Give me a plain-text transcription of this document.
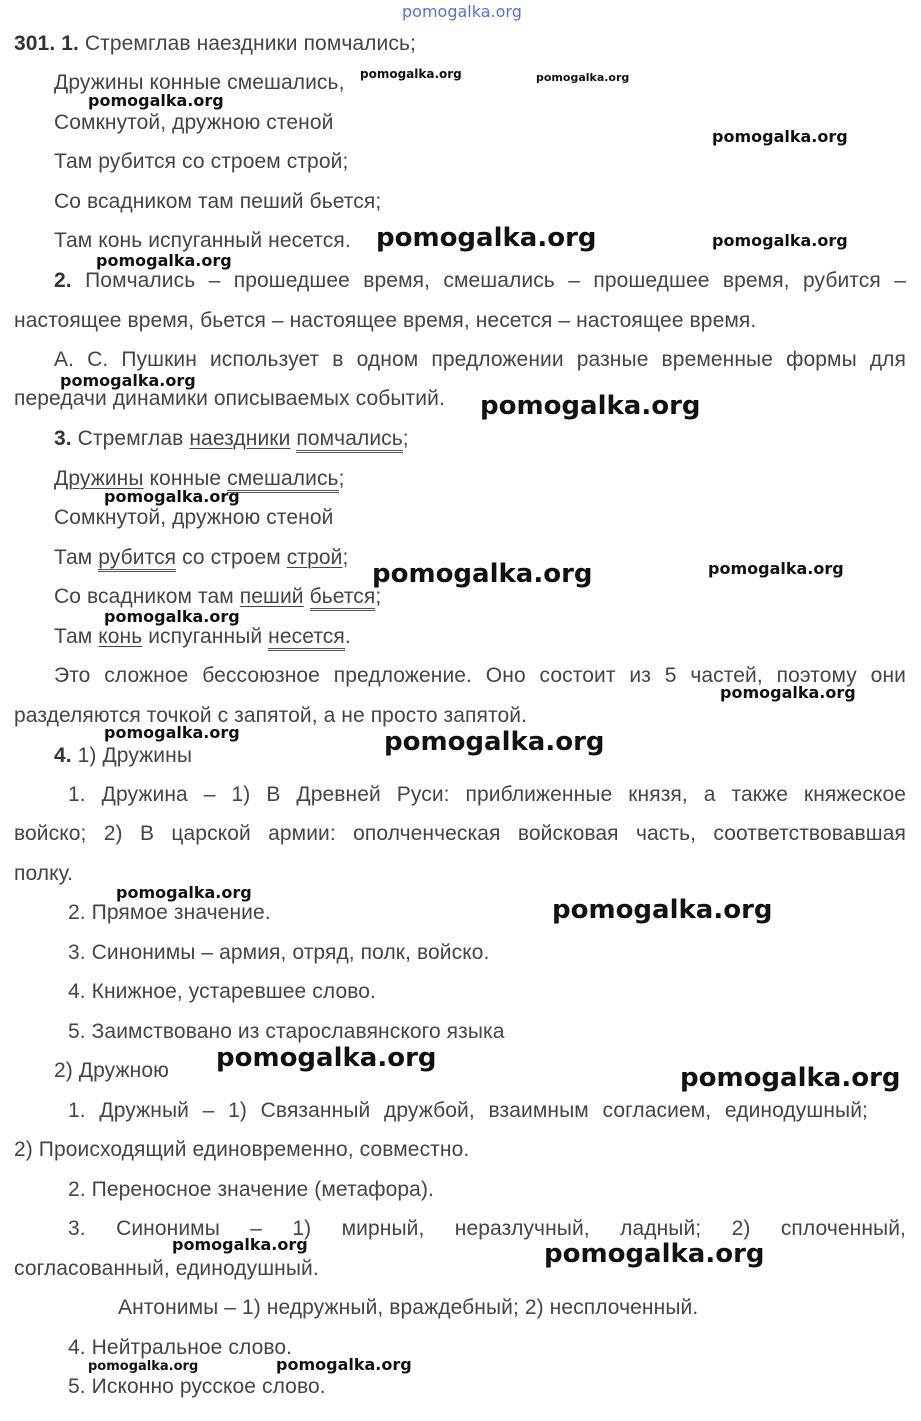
pomogalka.org
301. 1. Стремглав наездники помчались;
Дружины конные смешались,
Сомкнутой, дружною стеной
Там рубится со строем строй;
Со всадником там пеший бьется;
Там конь испуганный несется.
2. Помчались – прошедшее время, смешались – прошедшее время, рубится –
настоящее время, бьется – настоящее время, несется – настоящее время.
А. С. Пушкин использует в одном предложении разные временные формы для
передачи динамики описываемых событий.
3. Стремглав наездники помчались;
Дружины конные смешались;
Сомкнутой, дружною стеной
Там рубится со строем строй;
Со всадником там пеший бьется;
Там конь испуганный несется.
Это сложное бессоюзное предложение. Оно состоит из 5 частей, поэтому они
разделяются точкой с запятой, а не просто запятой.
4. 1) Дружины
1. Дружина – 1) В Древней Руси: приближенные князя, а также княжеское
войско; 2) В царской армии: ополченческая войсковая часть, соответствовавшая
полку.
2. Прямое значение.
3. Синонимы – армия, отряд, полк, войско.
4. Книжное, устаревшее слово.
5. Заимствовано из старославянского языка
2) Дружною
1. Дружный – 1) Связанный дружбой, взаимным согласием, единодушный;
2) Происходящий единовременно, совместно.
2. Переносное значение (метафора).
3. Синонимы – 1) мирный, неразлучный, ладный; 2) сплоченный,
согласованный, единодушный.
Антонимы – 1) недружный, враждебный; 2) несплоченный.
4. Нейтральное слово.
5. Исконно русское слово.
pomogalka.org	pomogalka.org
pomogalka.org
pomogalka.org
pomogalka.org	pomogalka.org
pomogalka.org
pomogalka.org
pomogalka.org
pomogalka.org
pomogalka.org	pomogalka.org
pomogalka.org
pomogalka.org
pomogalka.org	pomogalka.org
pomogalka.org
pomogalka.org
pomogalka.org
pomogalka.org
pomogalka.org	pomogalka.org
pomogalka.org	pomogalka.org
